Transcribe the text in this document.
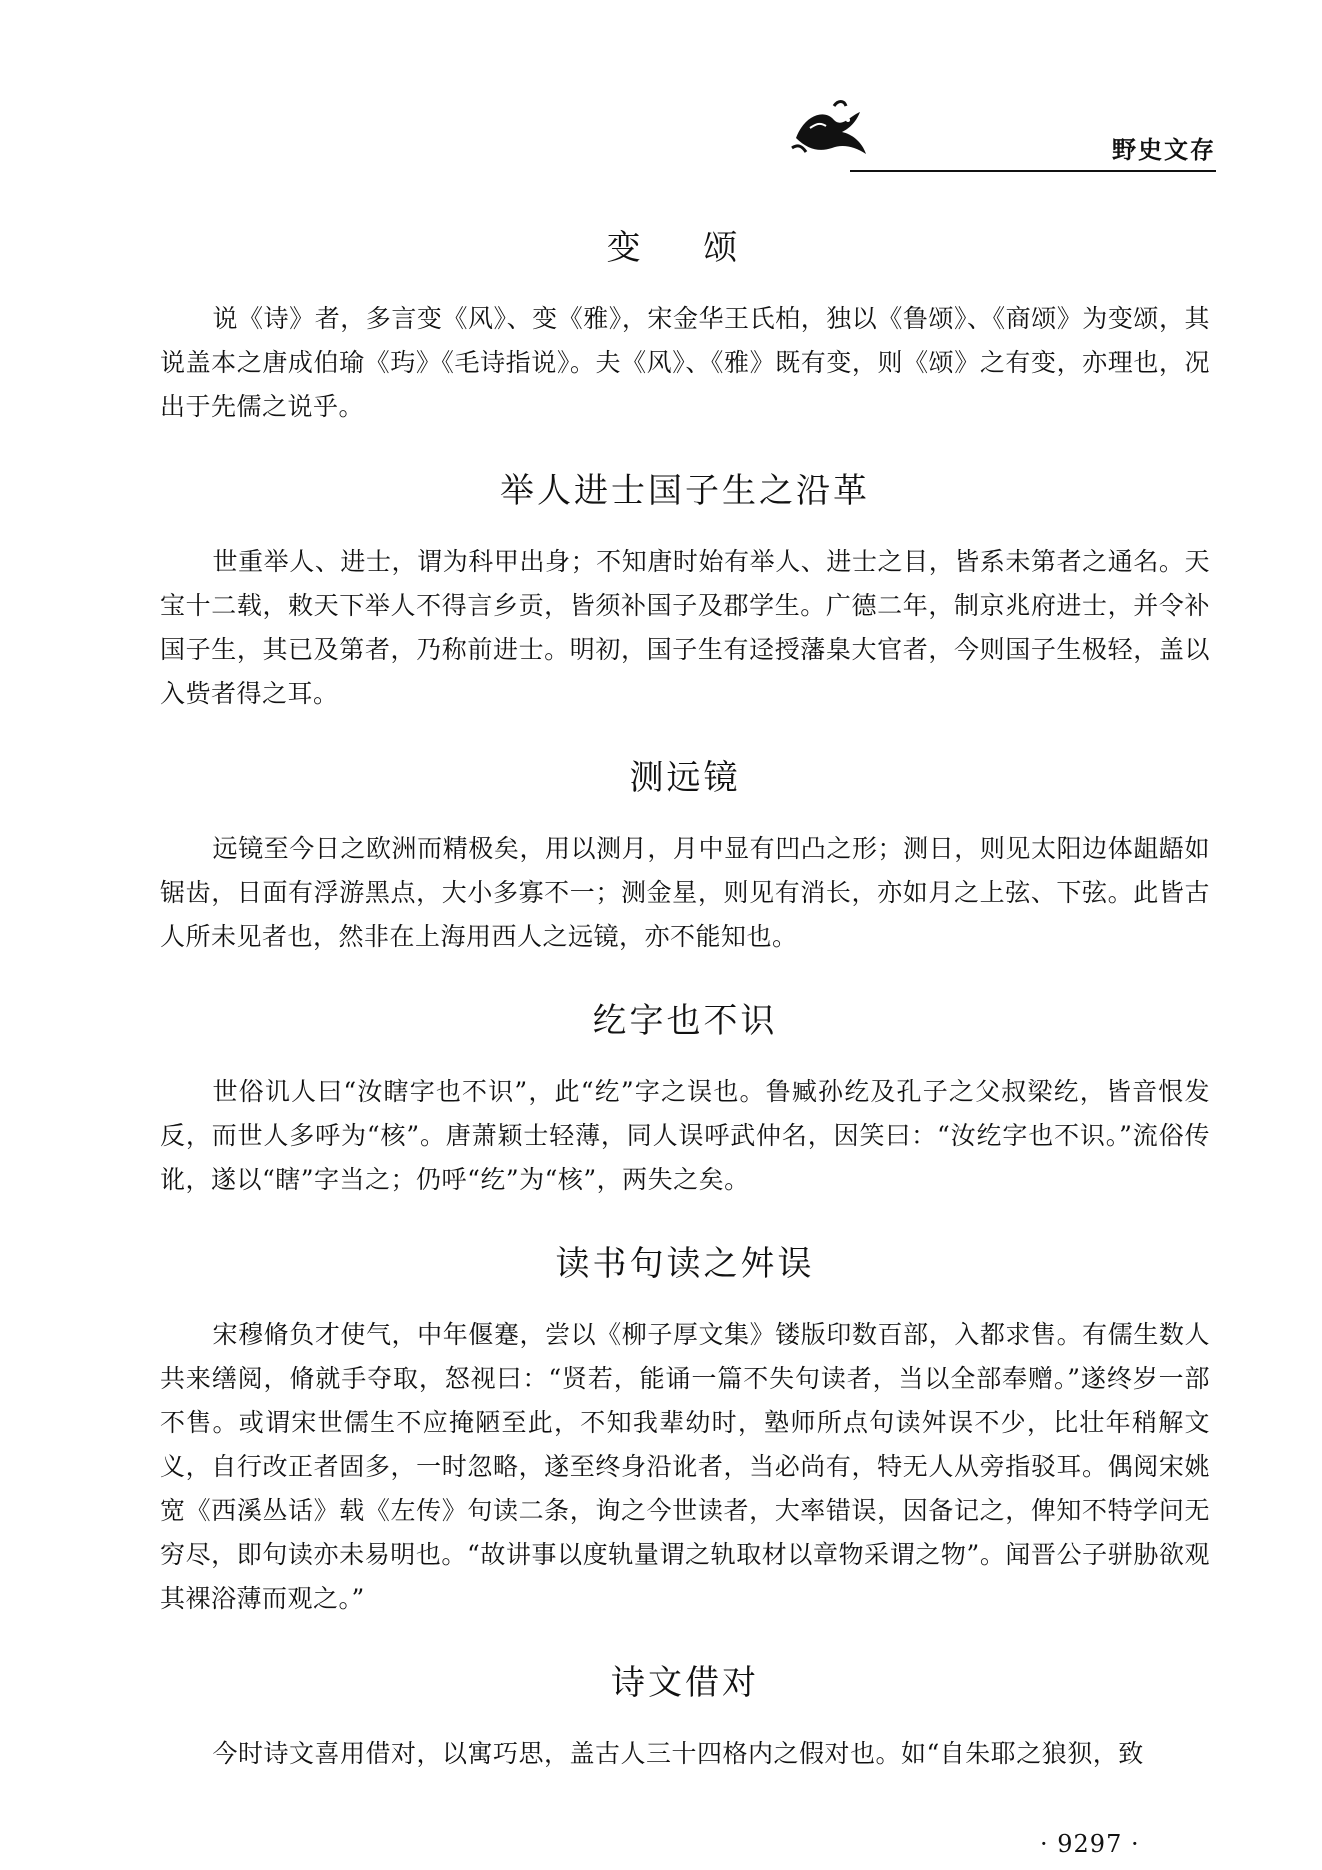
野史文存
变 颂

说《诗》者，多言变《风》、变《雅》，宋金华王氏柏，独以《鲁颂》、《商颂》为变颂，其说盖本之唐成伯瑜《玙》《毛诗指说》。夫《风》、《雅》既有变，则《颂》之有变，亦理也，况出于先儒之说乎。

举人进士国子生之沿革

世重举人、进士，谓为科甲出身；不知唐时始有举人、进士之目，皆系未第者之通名。天宝十二载，敕天下举人不得言乡贡，皆须补国子及郡学生。广德二年，制京兆府进士，并令补国子生，其已及第者，乃称前进士。明初，国子生有迳授藩臬大官者，今则国子生极轻，盖以入赀者得之耳。

测远镜

远镜至今日之欧洲而精极矣，用以测月，月中显有凹凸之形；测日，则见太阳边体龃龉如锯齿，日面有浮游黑点，大小多寡不一；测金星，则见有消长，亦如月之上弦、下弦。此皆古人所未见者也，然非在上海用西人之远镜，亦不能知也。

纥字也不识

世俗讥人曰“汝瞎字也不识”，此“纥”字之误也。鲁臧孙纥及孔子之父叔梁纥，皆音恨发反，而世人多呼为“核”。唐萧颖士轻薄，同人误呼武仲名，因笑曰：“汝纥字也不识。”流俗传讹，遂以“瞎”字当之；仍呼“纥”为“核”，两失之矣。

读书句读之舛误

宋穆脩负才使气，中年偃蹇，尝以《柳子厚文集》镂版印数百部，入都求售。有儒生数人共来缮阅，脩就手夺取，怒视曰：“贤若，能诵一篇不失句读者，当以全部奉赠。”遂终岁一部不售。或谓宋世儒生不应掩陋至此，不知我辈幼时，塾师所点句读舛误不少，比壮年稍解文义，自行改正者固多，一时忽略，遂至终身沿讹者，当必尚有，特无人从旁指驳耳。偶阅宋姚宽《西溪丛话》载《左传》句读二条，询之今世读者，大率错误，因备记之，俾知不特学问无穷尽，即句读亦未易明也。“故讲事以度轨量谓之轨取材以章物采谓之物”。闻晋公子骈胁欲观其裸浴薄而观之。”

诗文借对

今时诗文喜用借对，以寓巧思，盖古人三十四格内之假对也。如“自朱耶之狼狈，致

· 9297 ·
